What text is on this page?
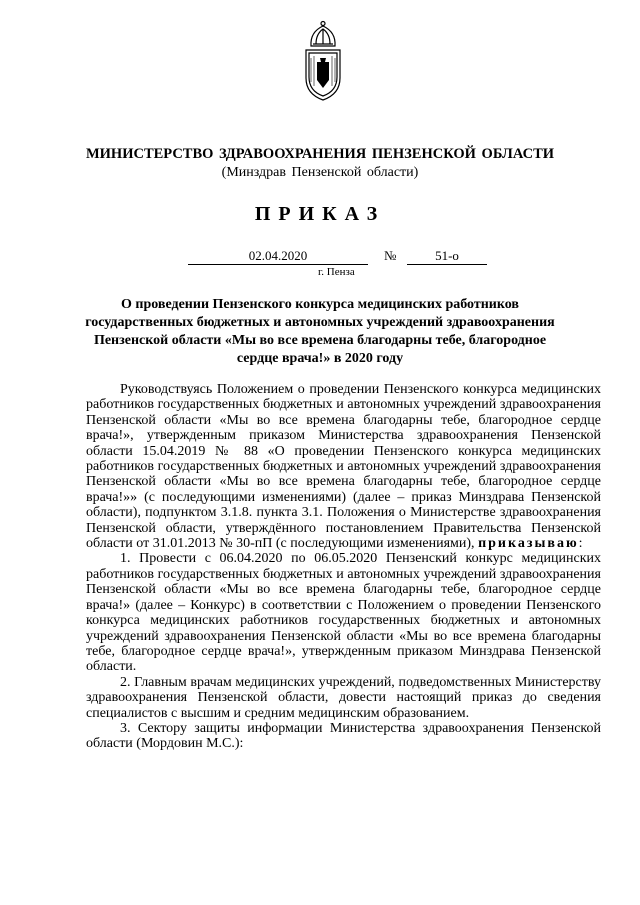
МИНИСТЕРСТВО ЗДРАВООХРАНЕНИЯ ПЕНЗЕНСКОЙ ОБЛАСТИ
(Минздрав Пензенской области)
ПРИКАЗ
02.04.2020	№	51-о
г. Пенза
О проведении Пензенского конкурса медицинских работников государственных бюджетных и автономных учреждений здравоохранения Пензенской области «Мы во все времена благодарны тебе, благородное сердце врача!» в 2020 году

Руководствуясь Положением о проведении Пензенского конкурса медицинских работников государственных бюджетных и автономных учреждений здравоохранения Пензенской области «Мы во все времена благодарны тебе, благородное сердце врача!», утвержденным приказом Министерства здравоохранения Пензенской области 15.04.2019 № 88 «О проведении Пензенского конкурса медицинских работников государственных бюджетных и автономных учреждений здравоохранения Пензенской области «Мы во все времена благодарны тебе, благородное сердце врача!»» (с последующими изменениями) (далее – приказ Минздрава Пензенской области), подпунктом 3.1.8. пункта 3.1. Положения о Министерстве здравоохранения Пензенской области, утверждённого постановлением Правительства Пензенской области от 31.01.2013 № 30-пП (с последующими изменениями), приказываю:

1. Провести с 06.04.2020 по 06.05.2020 Пензенский конкурс медицинских работников государственных бюджетных и автономных учреждений здравоохранения Пензенской области «Мы во все времена благодарны тебе, благородное сердце врача!» (далее – Конкурс) в соответствии с Положением о проведении Пензенского конкурса медицинских работников государственных бюджетных и автономных учреждений здравоохранения Пензенской области «Мы во все времена благодарны тебе, благородное сердце врача!», утвержденным приказом Минздрава Пензенской области.

2. Главным врачам медицинских учреждений, подведомственных Министерству здравоохранения Пензенской области, довести настоящий приказ до сведения специалистов с высшим и средним медицинским образованием.

3. Сектору защиты информации Министерства здравоохранения Пензенской области (Мордовин М.С.):
